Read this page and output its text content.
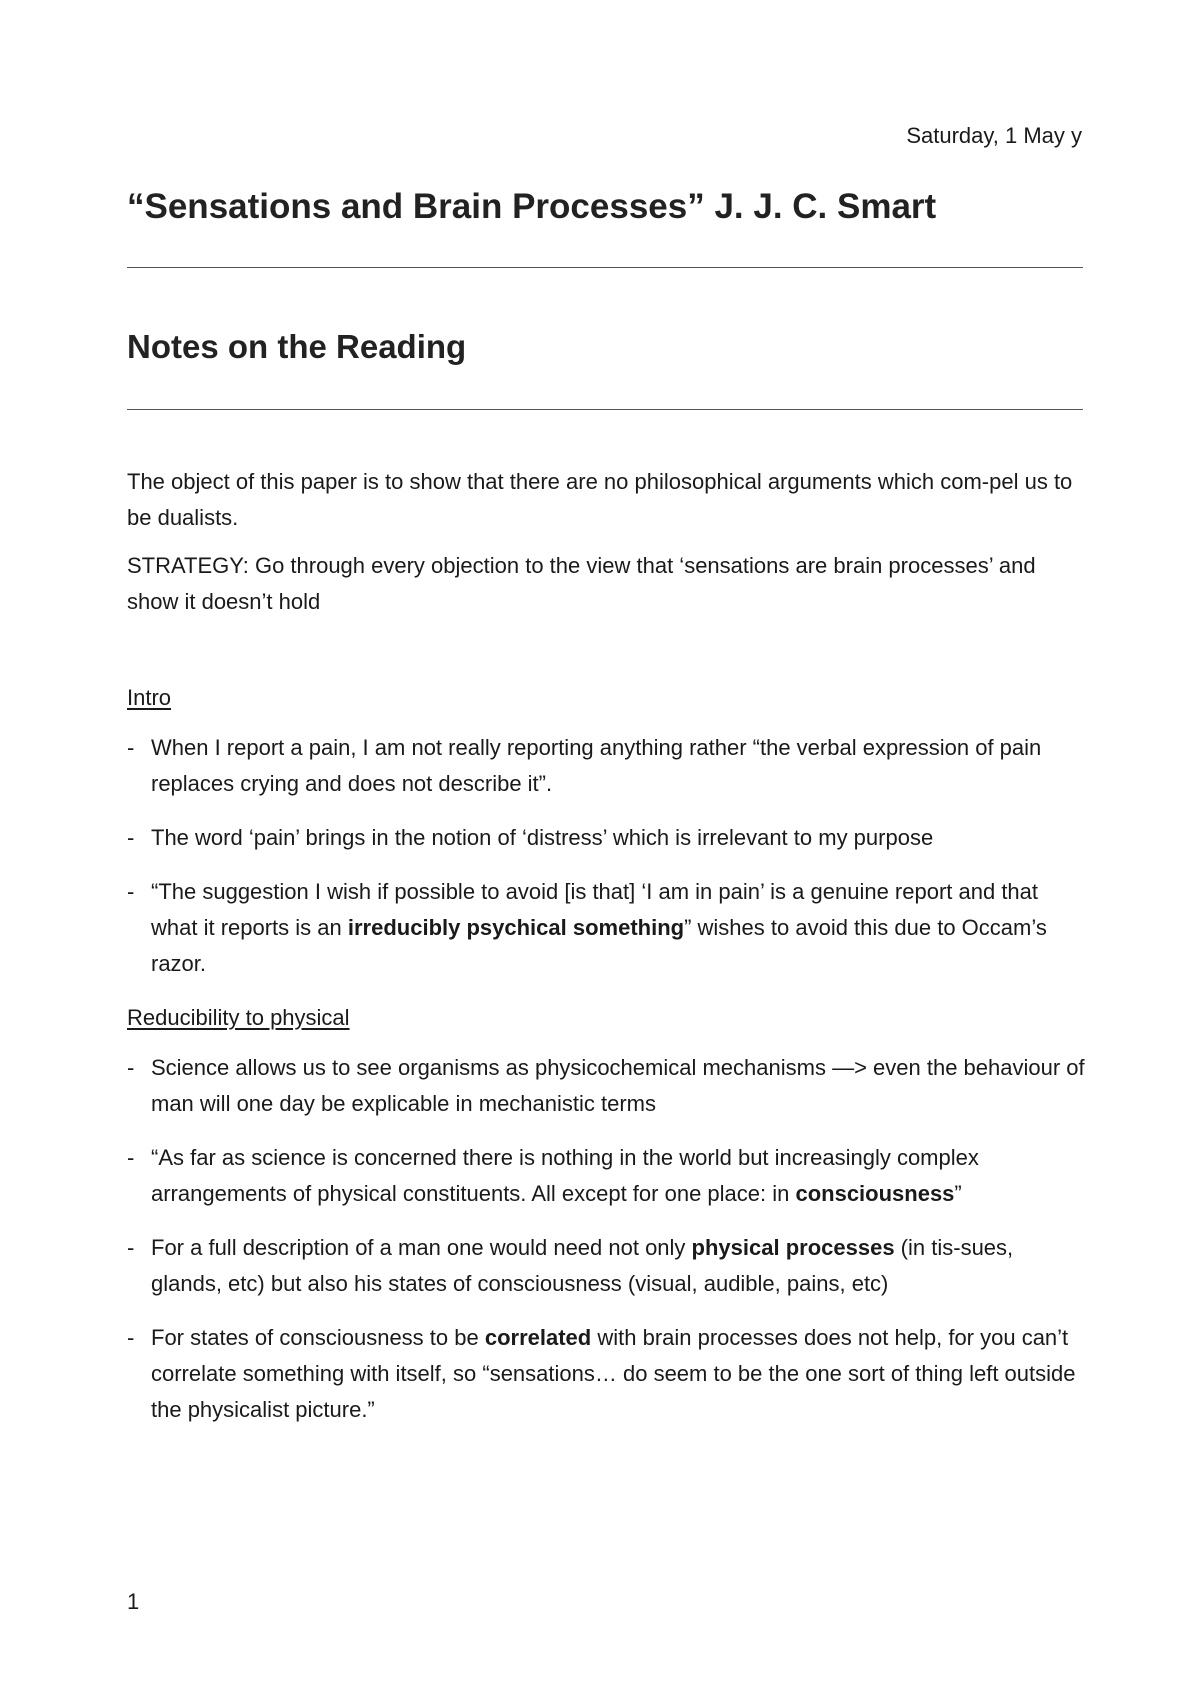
Saturday, 1 May y
“Sensations and Brain Processes” J. J. C. Smart
Notes on the Reading

The object of this paper is to show that there are no philosophical arguments which com-pel us to be dualists.

STRATEGY: Go through every objection to the view that ‘sensations are brain processes’ and show it doesn’t hold

Intro

- When I report a pain, I am not really reporting anything rather “the verbal expression of pain replaces crying and does not describe it”.
- The word ‘pain’ brings in the notion of ‘distress’ which is irrelevant to my purpose
- “The suggestion I wish if possible to avoid [is that] ‘I am in pain’ is a genuine report and that what it reports is an irreducibly psychical something” wishes to avoid this due to Occam’s razor.

Reducibility to physical

- Science allows us to see organisms as physicochemical mechanisms —> even the behaviour of man will one day be explicable in mechanistic terms
- “As far as science is concerned there is nothing in the world but increasingly complex arrangements of physical constituents. All except for one place: in consciousness”
- For a full description of a man one would need not only physical processes (in tis-sues, glands, etc) but also his states of consciousness (visual, audible, pains, etc)
- For states of consciousness to be correlated with brain processes does not help, for you can’t correlate something with itself, so “sensations… do seem to be the one sort of thing left outside the physicalist picture.”
1
